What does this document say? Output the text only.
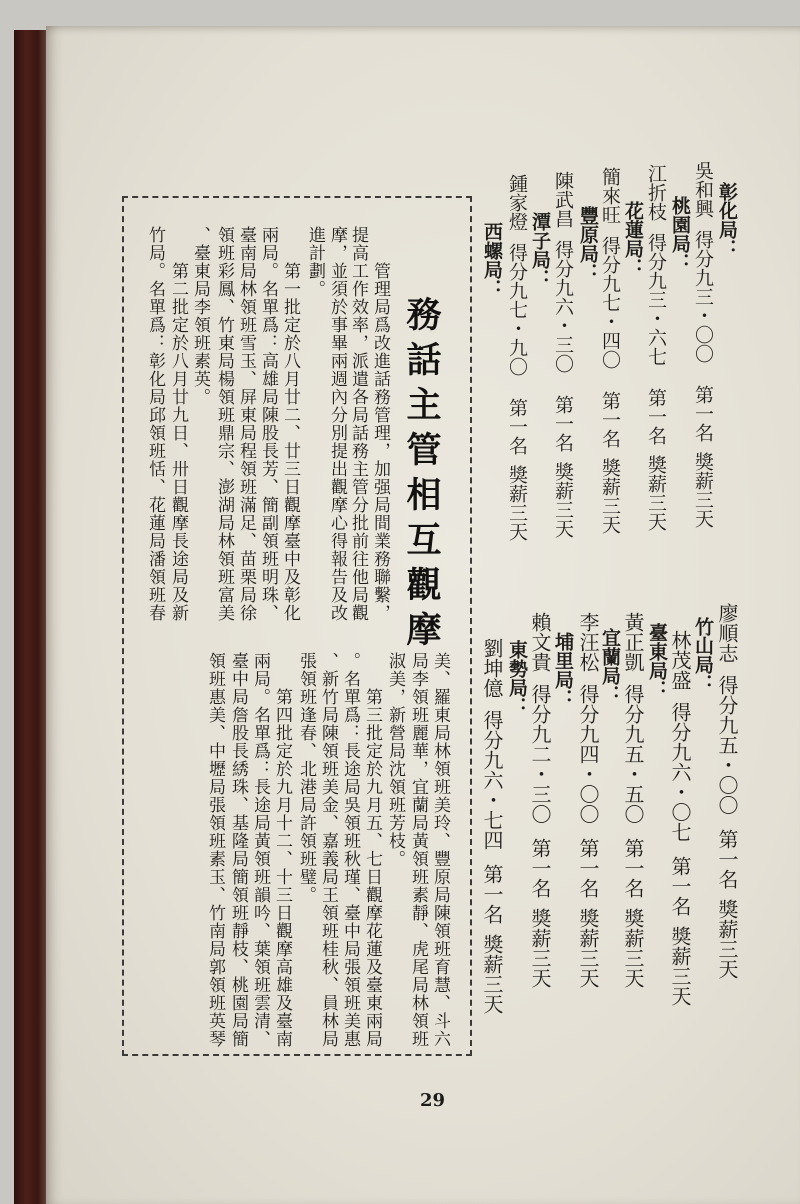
彰化局：
吳和興得分九三・〇〇第一名獎薪三天
桃園局：
江折枝得分九三・六七第一名獎薪三天
花蓮局：
簡來旺得分九七・四〇第一名獎薪三天
豐原局：
陳武昌得分九六・三〇第一名獎薪三天
潭子局：
鍾家燈得分九七・九〇第一名獎薪三天
西螺局：
廖順志得分九五・〇〇第一名獎薪三天
竹山局：
林茂盛得分九六・〇七第一名獎薪三天
臺東局：
黃正凱得分九五・五〇第一名獎薪三天
宜蘭局：
李汪松得分九四・〇〇第一名獎薪三天
埔里局：
賴文貴得分九二・三〇第一名獎薪三天
東勢局：
劉坤億得分九六・七四第一名獎薪三天
務話主管相互觀摩
管理局爲改進話務管理，加强局間業務聯繫，
提高工作效率，派遣各局話務主管分批前往他局觀
摩，並須於事畢兩週內分別提出觀摩心得報告及改
進計劃。
第一批定於八月廿二、廿三日觀摩臺中及彰化
兩局。名單爲：高雄局陳股長芳、簡副領班明珠、
臺南局林領班雪玉、屏東局程領班滿足、苗栗局徐
領班彩鳳、竹東局楊領班鼎宗、澎湖局林領班富美
、臺東局李領班素英。
第二批定於八月廿九日、卅日觀摩長途局及新
竹局。名單爲：彰化局邱領班恬、花蓮局潘領班春
美、羅東局林領班美玲、豐原局陳領班育慧、斗六
局李領班麗華，宜蘭局黃領班素靜、虎尾局林領班
淑美，新營局沈領班芳枝。
第三批定於九月五、七日觀摩花蓮及臺東兩局
。名單爲：長途局吳領班秋瑾、臺中局張領班美惠
、新竹局陳領班美金、嘉義局王領班桂秋、員林局
張領班逢春、北港局許領班璧。
第四批定於九月十二、十三日觀摩高雄及臺南
兩局。名單爲：長途局黃領班韻吟、葉領班雲清、
臺中局詹股長綉珠、基隆局簡領班靜枝、桃園局簡
領班惠美、中壢局張領班素玉、竹南局郭領班英琴
29
